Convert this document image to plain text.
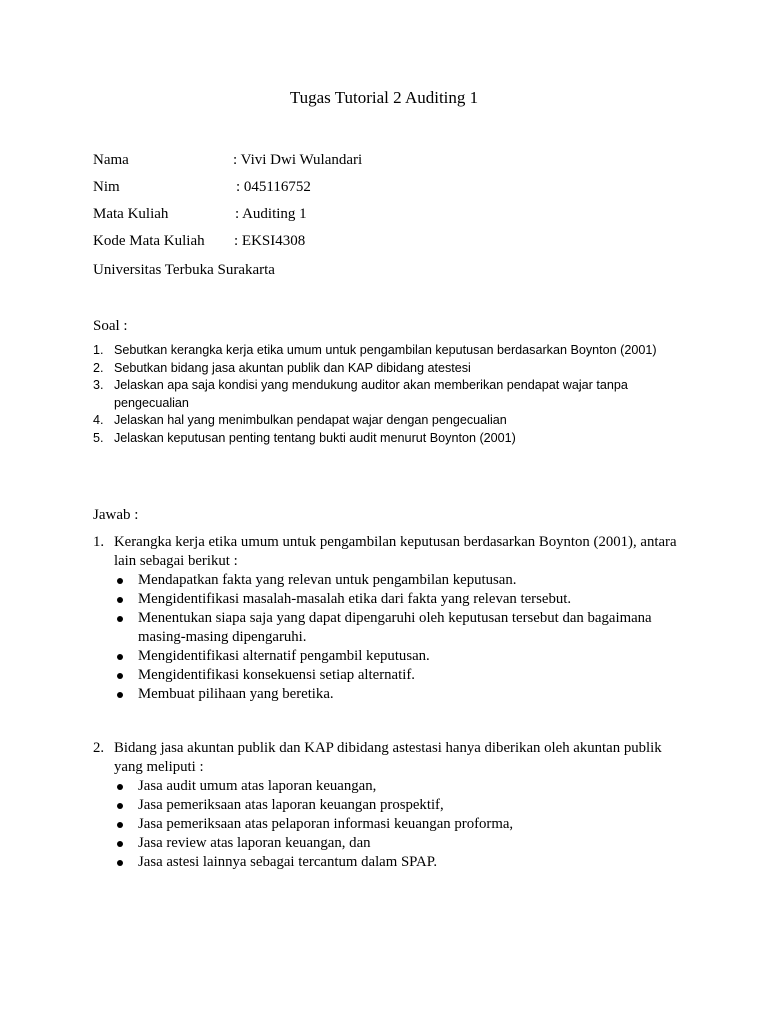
Tugas Tutorial 2 Auditing 1
Nama	: Vivi Dwi Wulandari
Nim	: 045116752
Mata Kuliah	: Auditing 1
Kode Mata Kuliah : EKSI4308
Universitas Terbuka Surakarta
Soal :
1. Sebutkan kerangka kerja etika umum untuk pengambilan keputusan berdasarkan Boynton (2001)
2. Sebutkan bidang jasa akuntan publik dan KAP dibidang atestesi
3. Jelaskan apa saja kondisi yang mendukung auditor akan memberikan pendapat wajar tanpa pengecualian
4. Jelaskan hal yang menimbulkan pendapat wajar dengan pengecualian
5. Jelaskan keputusan penting tentang bukti audit menurut Boynton (2001)
Jawab :
1. Kerangka kerja etika umum untuk pengambilan keputusan berdasarkan Boynton (2001), antara lain sebagai berikut :
Mendapatkan fakta yang relevan untuk pengambilan keputusan.
Mengidentifikasi masalah-masalah etika dari fakta yang relevan tersebut.
Menentukan siapa saja yang dapat dipengaruhi oleh keputusan tersebut dan bagaimana masing-masing dipengaruhi.
Mengidentifikasi alternatif pengambil keputusan.
Mengidentifikasi konsekuensi setiap alternatif.
Membuat pilihaan yang beretika.
2. Bidang jasa akuntan publik dan KAP dibidang astestasi hanya diberikan oleh akuntan publik yang meliputi :
Jasa audit umum atas laporan keuangan,
Jasa pemeriksaan atas laporan keuangan prospektif,
Jasa pemeriksaan atas pelaporan informasi keuangan proforma,
Jasa review atas laporan keuangan, dan
Jasa astesi lainnya sebagai tercantum dalam SPAP.
